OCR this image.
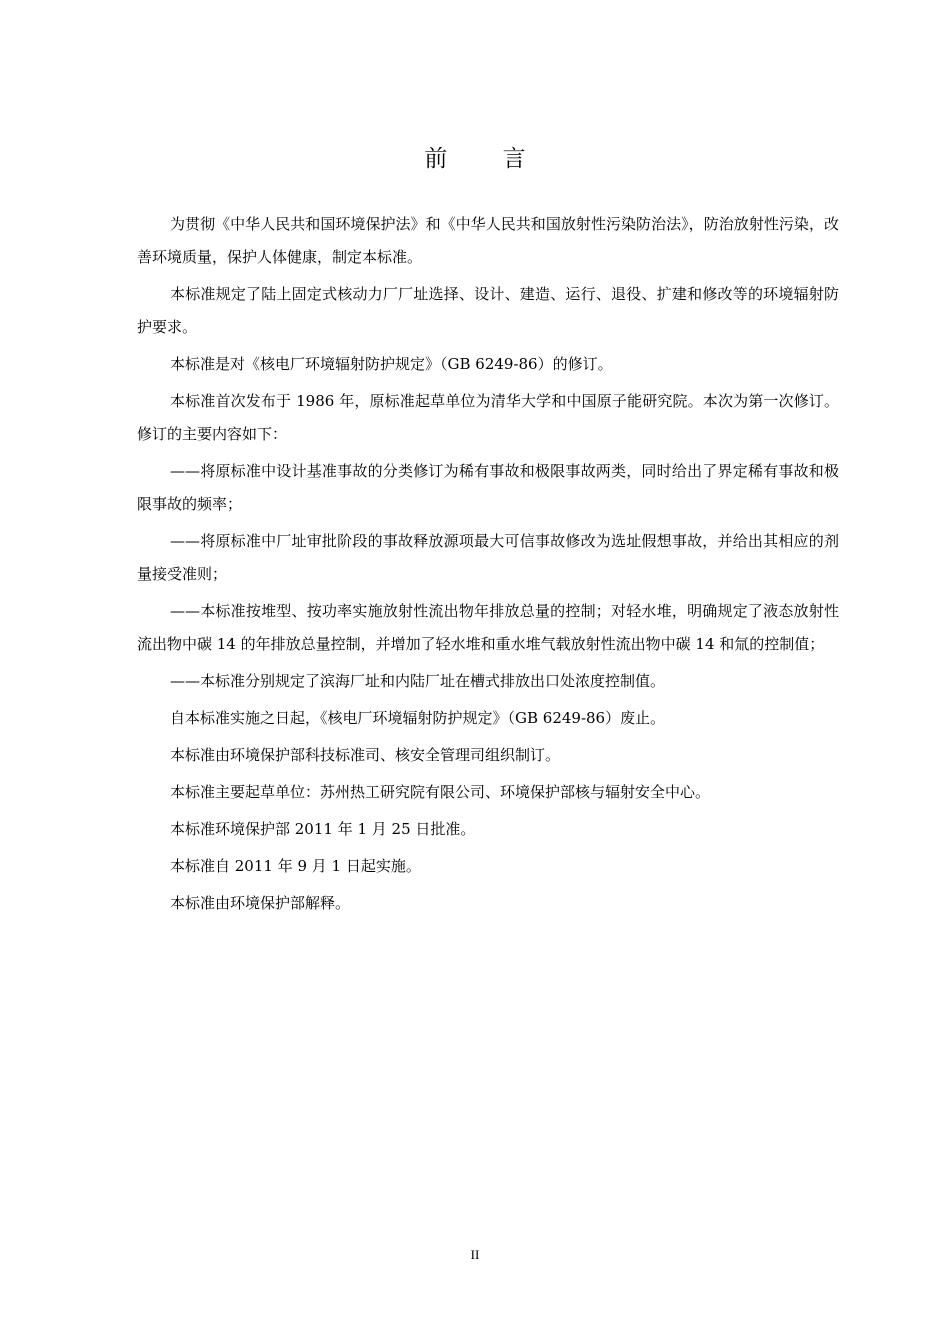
前 言

为贯彻《中华人民共和国环境保护法》和《中华人民共和国放射性污染防治法》，防治放射性污染，改善环境质量，保护人体健康，制定本标准。

本标准规定了陆上固定式核动力厂厂址选择、设计、建造、运行、退役、扩建和修改等的环境辐射防护要求。

本标准是对《核电厂环境辐射防护规定》（GB 6249-86）的修订。

本标准首次发布于 1986 年，原标准起草单位为清华大学和中国原子能研究院。本次为第一次修订。修订的主要内容如下：

——将原标准中设计基准事故的分类修订为稀有事故和极限事故两类，同时给出了界定稀有事故和极限事故的频率；

——将原标准中厂址审批阶段的事故释放源项最大可信事故修改为选址假想事故，并给出其相应的剂量接受准则；

——本标准按堆型、按功率实施放射性流出物年排放总量的控制；对轻水堆，明确规定了液态放射性流出物中碳 14 的年排放总量控制，并增加了轻水堆和重水堆气载放射性流出物中碳 14 和氚的控制值；

——本标准分别规定了滨海厂址和内陆厂址在槽式排放出口处浓度控制值。

自本标准实施之日起，《核电厂环境辐射防护规定》（GB 6249-86）废止。

本标准由环境保护部科技标准司、核安全管理司组织制订。

本标准主要起草单位：苏州热工研究院有限公司、环境保护部核与辐射安全中心。

本标准环境保护部 2011 年 1 月 25 日批准。

本标准自 2011 年 9 月 1 日起实施。

本标准由环境保护部解释。

II
